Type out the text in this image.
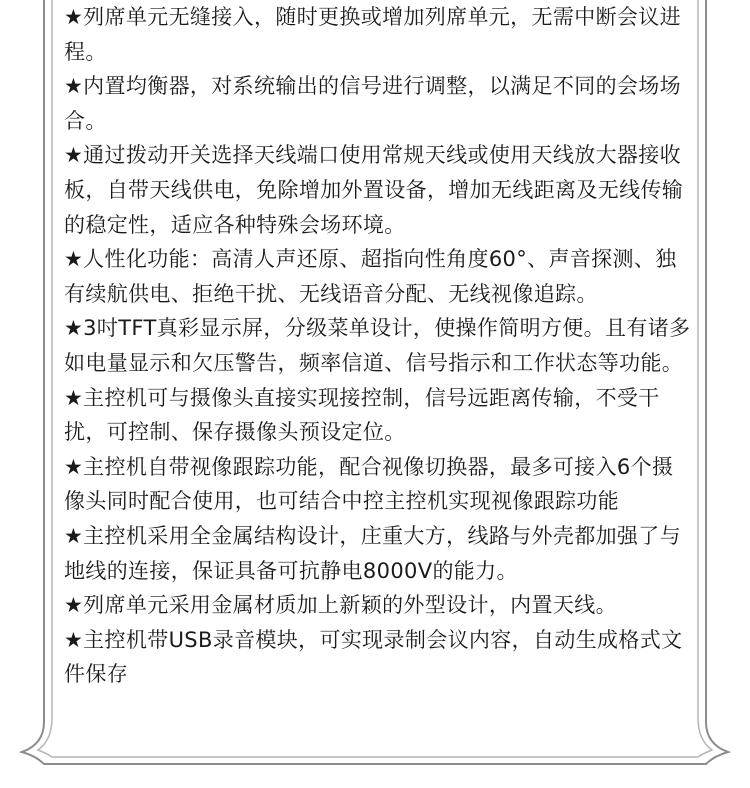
★列席单元无缝接入，随时更换或增加列席单元，无需中断会议进程。

★内置均衡器，对系统输出的信号进行调整，以满足不同的会场场合。

★通过拨动开关选择天线端口使用常规天线或使用天线放大器接收板，自带天线供电，免除增加外置设备，增加无线距离及无线传输的稳定性，适应各种特殊会场环境。

★人性化功能：高清人声还原、超指向性角度60°、声音探测、独有续航供电、拒绝干扰、无线语音分配、无线视像追踪。

★3吋TFT真彩显示屏，分级菜单设计，使操作简明方便。且有诸多如电量显示和欠压警告，频率信道、信号指示和工作状态等功能。

★主控机可与摄像头直接实现接控制，信号远距离传输，不受干扰，可控制、保存摄像头预设定位。

★主控机自带视像跟踪功能，配合视像切换器，最多可接入6个摄像头同时配合使用，也可结合中控主控机实现视像跟踪功能

★主控机采用全金属结构设计，庄重大方，线路与外壳都加强了与地线的连接，保证具备可抗静电8000V的能力。

★列席单元采用金属材质加上新颖的外型设计，内置天线。

★主控机带USB录音模块，可实现录制会议内容，自动生成格式文件保存
